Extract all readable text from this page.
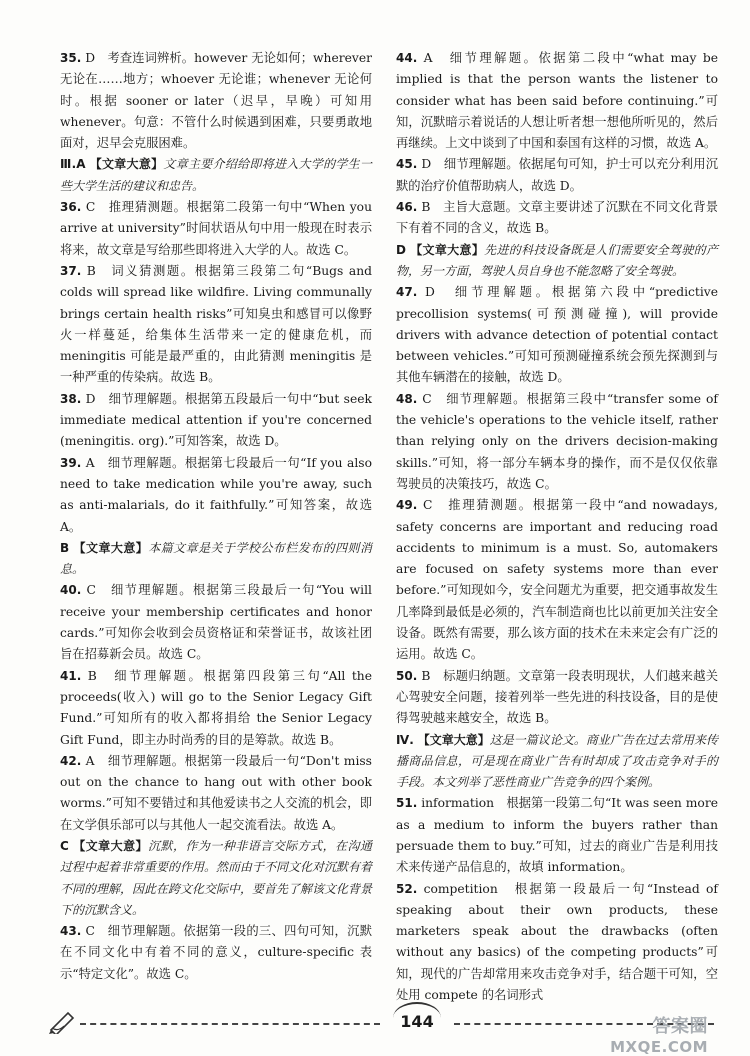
35. D　考查连词辨析。however 无论如何；wherever 无论在……地方；whoever 无论谁；whenever 无论何时。根据 sooner or later（迟早，早晚）可知用 whenever。句意：不管什么时候遇到困难，只要勇敢地面对，迟早会克服困难。
Ⅲ.A 【文章大意】文章主要介绍给即将进入大学的学生一些大学生活的建议和忠告。
36. C　推理猜测题。根据第二段第一句中“When you arrive at university”时间状语从句中用一般现在时表示将来，故文章是写给那些即将进入大学的人。故选 C。
37. B　词义猜测题。根据第三段第二句“Bugs and colds will spread like wildfire. Living communally brings certain health risks”可知臭虫和感冒可以像野火一样蔓延，给集体生活带来一定的健康危机，而 meningitis 可能是最严重的，由此猜测 meningitis 是一种严重的传染病。故选 B。
38. D　细节理解题。根据第五段最后一句中“but seek immediate medical attention if you're concerned (meningitis. org).”可知答案，故选 D。
39. A　细节理解题。根据第七段最后一句“If you also need to take medication while you're away, such as anti-malarials, do it faithfully.”可知答案，故选 A。
B 【文章大意】本篇文章是关于学校公布栏发布的四则消息。
40. C　细节理解题。根据第三段最后一句“You will receive your membership certificates and honor cards.”可知你会收到会员资格证和荣誉证书，故该社团旨在招募新会员。故选 C。
41. B　细节理解题。根据第四段第三句“All the proceeds(收入) will go to the Senior Legacy Gift Fund.”可知所有的收入都将捐给 the Senior Legacy Gift Fund，即主办时尚秀的目的是筹款。故选 B。
42. A　细节理解题。根据第一段最后一句“Don't miss out on the chance to hang out with other book worms.”可知不要错过和其他爱读书之人交流的机会，即在文学俱乐部可以与其他人一起交流看法。故选 A。
C 【文章大意】沉默，作为一种非语言交际方式，在沟通过程中起着非常重要的作用。然而由于不同文化对沉默有着不同的理解，因此在跨文化交际中，要首先了解该文化背景下的沉默含义。
43. C　细节理解题。依据第一段的三、四句可知，沉默在不同文化中有着不同的意义，culture-specific 表示“特定文化”。故选 C。
44. A　细节理解题。依据第二段中“what may be implied is that the person wants the listener to consider what has been said before continuing.”可知，沉默暗示着说话的人想让听者想一想他所听见的，然后再继续。上文中谈到了中国和泰国有这样的习惯，故选 A。
45. D　细节理解题。依据尾句可知，护士可以充分利用沉默的治疗价值帮助病人，故选 D。
46. B　主旨大意题。文章主要讲述了沉默在不同文化背景下有着不同的含义，故选 B。
D 【文章大意】先进的科技设备既是人们需要安全驾驶的产物，另一方面，驾驶人员自身也不能忽略了安全驾驶。
47. D　细节理解题。根据第六段中“predictive precollision systems(可预测碰撞), will provide drivers with advance detection of potential contact between vehicles.”可知可预测碰撞系统会预先探测到与其他车辆潜在的接触，故选 D。
48. C　细节理解题。根据第三段中“transfer some of the vehicle's operations to the vehicle itself, rather than relying only on the drivers decision-making skills.”可知，将一部分车辆本身的操作，而不是仅仅依靠驾驶员的决策技巧，故选 C。
49. C　推理猜测题。根据第一段中“and nowadays, safety concerns are important and reducing road accidents to minimum is a must. So, automakers are focused on safety systems more than ever before.”可知现如今，安全问题尤为重要，把交通事故发生几率降到最低是必须的，汽车制造商也比以前更加关注安全设备。既然有需要，那么该方面的技术在未来定会有广泛的运用。故选 C。
50. B　标题归纳题。文章第一段表明现状，人们越来越关心驾驶安全问题，接着列举一些先进的科技设备，目的是使得驾驶越来越安全，故选 B。
Ⅳ. 【文章大意】这是一篇议论文。商业广告在过去常用来传播商品信息，可是现在商业广告有时却成了攻击竞争对手的手段。本文列举了恶性商业广告竞争的四个案例。
51. information　根据第一段第二句“It was seen more as a medium to inform the buyers rather than persuade them to buy.”可知，过去的商业广告是利用技术来传递产品信息的，故填 information。
52. competition　根据第一段最后一句“Instead of speaking about their own products, these marketers speak about the drawbacks (often without any basics) of the competing products”可知，现代的广告却常用来攻击竞争对手，结合题干可知，空处用 compete 的名词形式
144	答案圈
MXQE.COM
